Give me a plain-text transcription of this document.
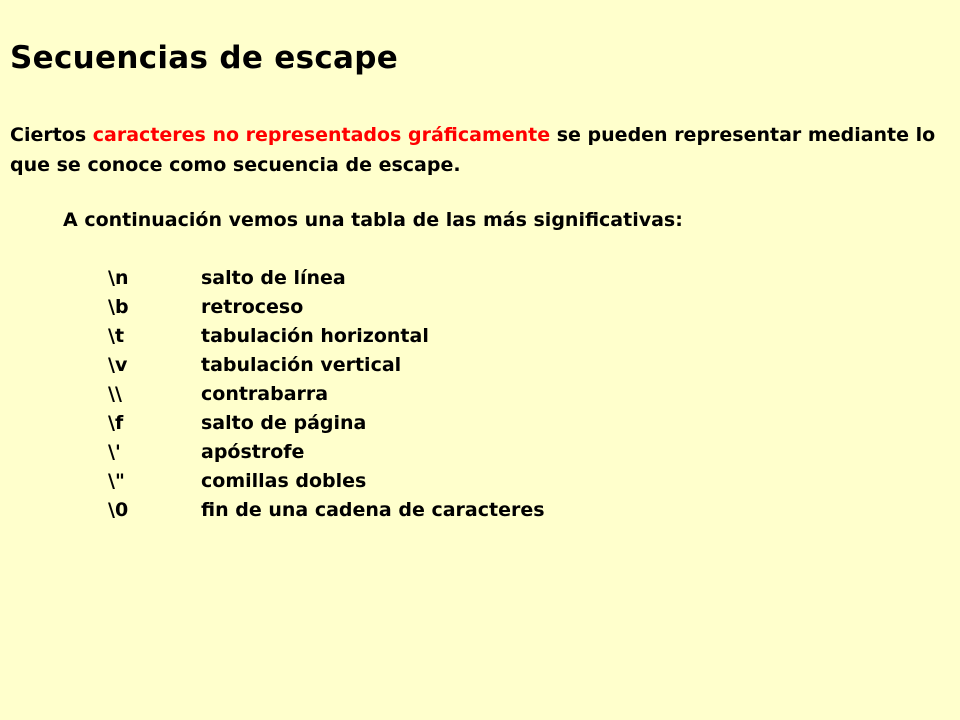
Secuencias de escape

Ciertos caracteres no representados gráficamente se pueden representar mediante lo que se conoce como secuencia de escape.

A continuación vemos una tabla de las más significativas:

\n	salto de línea
\b	retroceso
\t	tabulación horizontal
\v	tabulación vertical
\\	contrabarra
\f	salto de página
\'	apóstrofe
\"	comillas dobles
\0	fin de una cadena de caracteres
